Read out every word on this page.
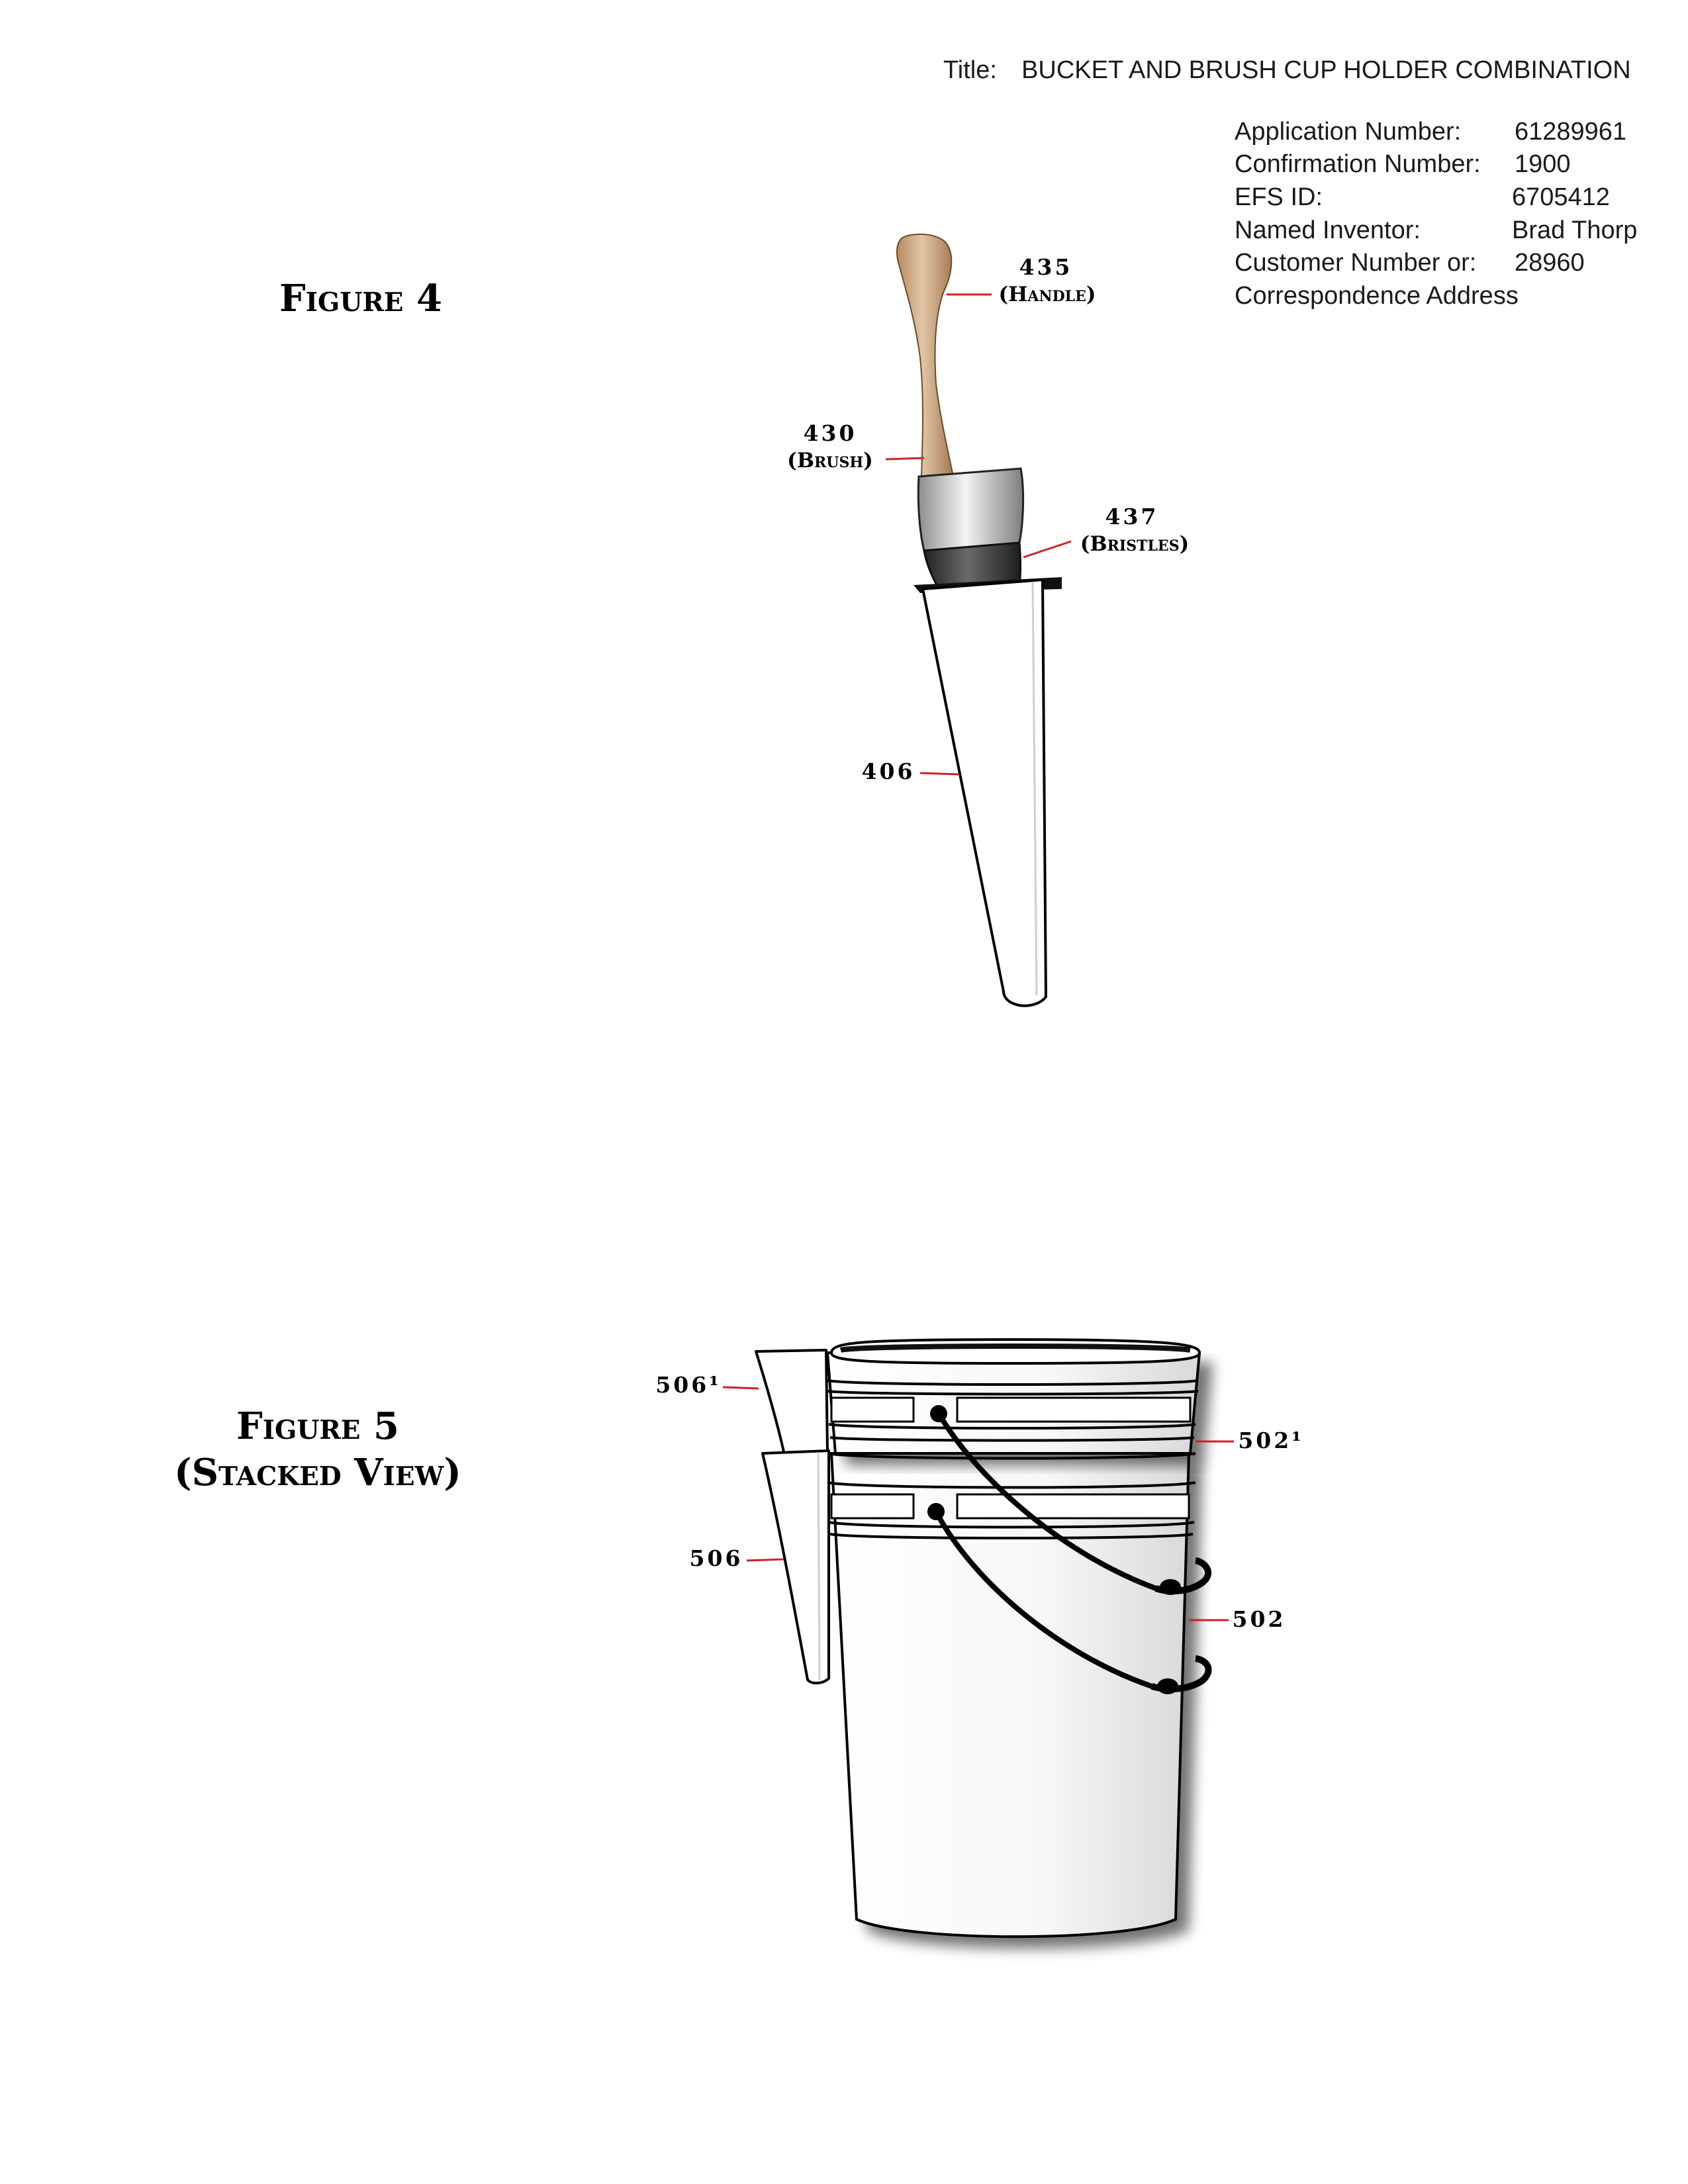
Title: BUCKET AND BRUSH CUP HOLDER COMBINATION
Application Number: 61289961
Confirmation Number: 1900
EFS ID:	6705412
Named Inventor:	Brad Thorp
Customer Number or: 28960
Correspondence Address
Figure 4
Figure 5
(Stacked View)
435
(Handle)
430
(Brush)
437
(Bristles)
406
506¹
502¹
506
502
